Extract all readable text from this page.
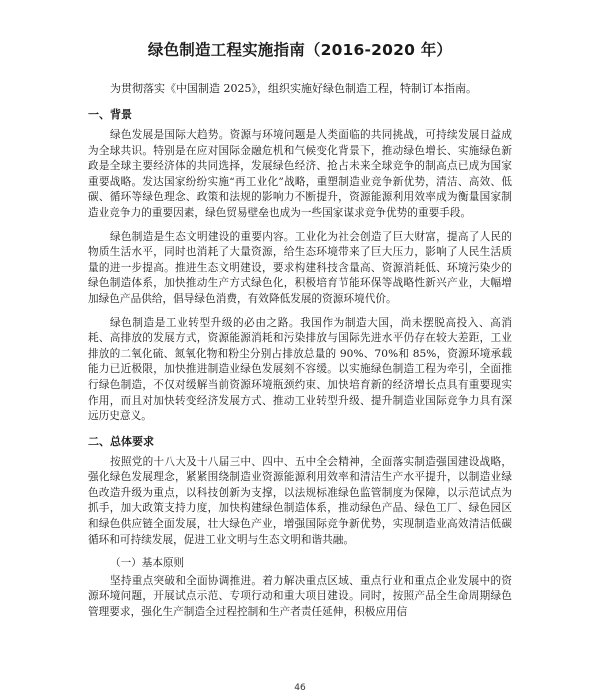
绿色制造工程实施指南（2016-2020 年）

为贯彻落实《中国制造 2025》，组织实施好绿色制造工程，特制订本指南。

一、背景

绿色发展是国际大趋势。资源与环境问题是人类面临的共同挑战，可持续发展日益成为全球共识。特别是在应对国际金融危机和气候变化背景下，推动绿色增长、实施绿色新政是全球主要经济体的共同选择，发展绿色经济、抢占未来全球竞争的制高点已成为国家重要战略。发达国家纷纷实施“再工业化”战略，重塑制造业竞争新优势，清洁、高效、低碳、循环等绿色理念、政策和法规的影响力不断提升，资源能源利用效率成为衡量国家制造业竞争力的重要因素，绿色贸易壁垒也成为一些国家谋求竞争优势的重要手段。

绿色制造是生态文明建设的重要内容。工业化为社会创造了巨大财富，提高了人民的物质生活水平，同时也消耗了大量资源，给生态环境带来了巨大压力，影响了人民生活质量的进一步提高。推进生态文明建设，要求构建科技含量高、资源消耗低、环境污染少的绿色制造体系，加快推动生产方式绿色化，积极培育节能环保等战略性新兴产业，大幅增加绿色产品供给，倡导绿色消费，有效降低发展的资源环境代价。

绿色制造是工业转型升级的必由之路。我国作为制造大国，尚未摆脱高投入、高消耗、高排放的发展方式，资源能源消耗和污染排放与国际先进水平仍存在较大差距，工业排放的二氧化硫、氮氧化物和粉尘分别占排放总量的 90%、70%和 85%，资源环境承载能力已近极限，加快推进制造业绿色发展刻不容缓。以实施绿色制造工程为牵引，全面推行绿色制造，不仅对缓解当前资源环境瓶颈约束、加快培育新的经济增长点具有重要现实作用，而且对加快转变经济发展方式、推动工业转型升级、提升制造业国际竞争力具有深远历史意义。

二、总体要求

按照党的十八大及十八届三中、四中、五中全会精神，全面落实制造强国建设战略，强化绿色发展理念，紧紧围绕制造业资源能源利用效率和清洁生产水平提升，以制造业绿色改造升级为重点，以科技创新为支撑，以法规标准绿色监管制度为保障，以示范试点为抓手，加大政策支持力度，加快构建绿色制造体系，推动绿色产品、绿色工厂、绿色园区和绿色供应链全面发展，壮大绿色产业，增强国际竞争新优势，实现制造业高效清洁低碳循环和可持续发展，促进工业文明与生态文明和谐共融。

（一）基本原则

坚持重点突破和全面协调推进。着力解决重点区域、重点行业和重点企业发展中的资源环境问题，开展试点示范、专项行动和重大项目建设。同时，按照产品全生命周期绿色管理要求，强化生产制造全过程控制和生产者责任延伸，积极应用信

46
